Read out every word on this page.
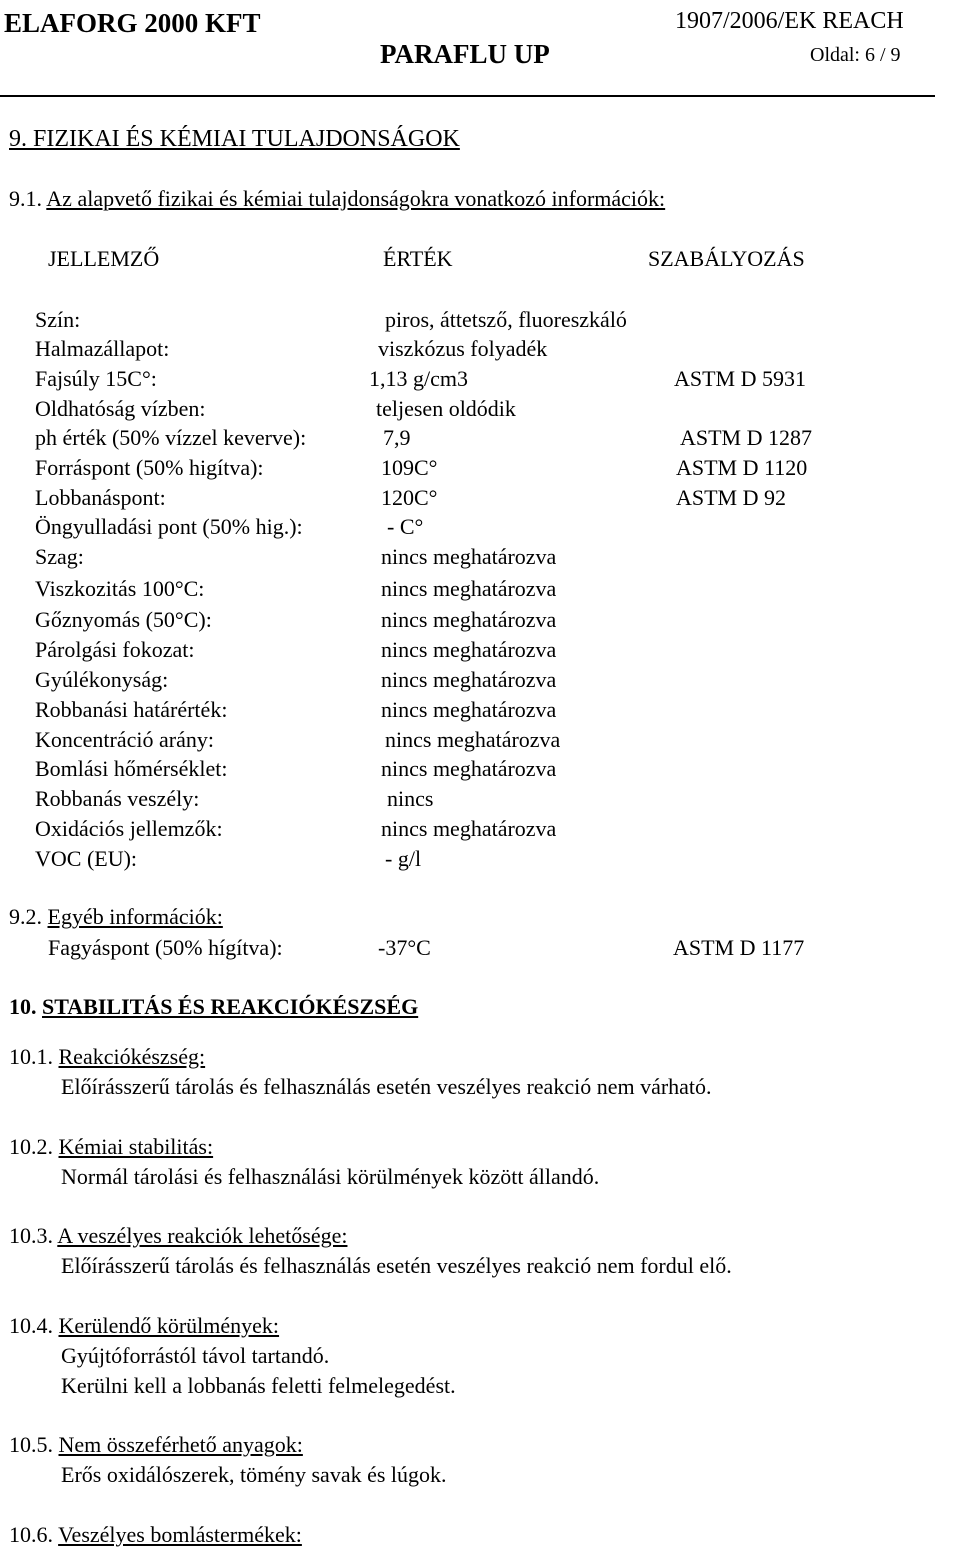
ELAFORG 2000 KFT	1907/2006/EK REACH
PARAFLU UP	Oldal: 6 / 9
9. FIZIKAI ÉS KÉMIAI TULAJDONSÁGOK
9.1. Az alapvető fizikai és kémiai tulajdonságokra vonatkozó információk:
JELLEMZŐ	ÉRTÉK	SZABÁLYOZÁS
Szín:	piros, áttetsző, fluoreszkáló
Halmazállapot:	viszkózus folyadék
Fajsúly 15C°:	1,13 g/cm3	ASTM D 5931
Oldhatóság vízben:	teljesen oldódik
ph érték (50% vízzel keverve):	7,9	ASTM D 1287
Forráspont (50% higítva):	109C°	ASTM D 1120
Lobbanáspont:	120C°	ASTM D 92
Öngyulladási pont (50% hig.):	- C°
Szag:	nincs meghatározva
Viszkozitás 100°C:	nincs meghatározva
Gőznyomás (50°C):	nincs meghatározva
Párolgási fokozat:	nincs meghatározva
Gyúlékonyság:	nincs meghatározva
Robbanási határérték:	nincs meghatározva
Koncentráció arány:	nincs meghatározva
Bomlási hőmérséklet:	nincs meghatározva
Robbanás veszély:	nincs
Oxidációs jellemzők:	nincs meghatározva
VOC (EU):	- g/l
9.2. Egyéb információk:
Fagyáspont (50% hígítva):	-37°C	ASTM D 1177
10. STABILITÁS ÉS REAKCIÓKÉSZSÉG
10.1. Reakciókészség:
Előírásszerű tárolás és felhasználás esetén veszélyes reakció nem várható.
10.2. Kémiai stabilitás:
Normál tárolási és felhasználási körülmények között állandó.
10.3. A veszélyes reakciók lehetősége:
Előírásszerű tárolás és felhasználás esetén veszélyes reakció nem fordul elő.
10.4. Kerülendő körülmények:
Gyújtóforrástól távol tartandó.
Kerülni kell a lobbanás feletti felmelegedést.
10.5. Nem összeférhető anyagok:
Erős oxidálószerek, tömény savak és lúgok.
10.6. Veszélyes bomlástermékek:
